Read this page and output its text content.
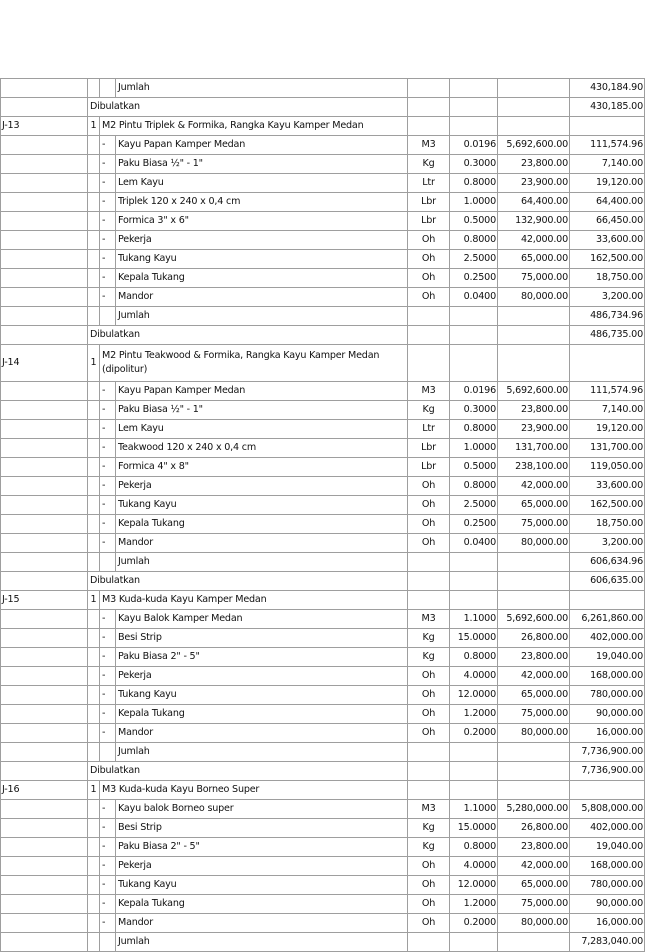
			Jumlah				430,184.90
	Dibulatkan						430,185.00
J-13	1	M2 Pintu Triplek & Formika, Rangka Kayu Kamper Medan					
		-	Kayu Papan Kamper Medan	M3	0.0196	5,692,600.00	111,574.96
		-	Paku Biasa ½" - 1"	Kg	0.3000	23,800.00	7,140.00
		-	Lem Kayu	Ltr	0.8000	23,900.00	19,120.00
		-	Triplek 120 x 240 x 0,4 cm	Lbr	1.0000	64,400.00	64,400.00
		-	Formica 3" x 6"	Lbr	0.5000	132,900.00	66,450.00
		-	Pekerja	Oh	0.8000	42,000.00	33,600.00
		-	Tukang Kayu	Oh	2.5000	65,000.00	162,500.00
		-	Kepala Tukang	Oh	0.2500	75,000.00	18,750.00
		-	Mandor	Oh	0.0400	80,000.00	3,200.00
			Jumlah				486,734.96
	Dibulatkan						486,735.00
J-14	1	M2 Pintu Teakwood & Formika, Rangka Kayu Kamper Medan (dipolitur)					
		-	Kayu Papan Kamper Medan	M3	0.0196	5,692,600.00	111,574.96
		-	Paku Biasa ½" - 1"	Kg	0.3000	23,800.00	7,140.00
		-	Lem Kayu	Ltr	0.8000	23,900.00	19,120.00
		-	Teakwood 120 x 240 x 0,4 cm	Lbr	1.0000	131,700.00	131,700.00
		-	Formica 4" x 8"	Lbr	0.5000	238,100.00	119,050.00
		-	Pekerja	Oh	0.8000	42,000.00	33,600.00
		-	Tukang Kayu	Oh	2.5000	65,000.00	162,500.00
		-	Kepala Tukang	Oh	0.2500	75,000.00	18,750.00
		-	Mandor	Oh	0.0400	80,000.00	3,200.00
			Jumlah				606,634.96
	Dibulatkan						606,635.00
J-15	1	M3 Kuda-kuda Kayu Kamper Medan					
		-	Kayu Balok Kamper Medan	M3	1.1000	5,692,600.00	6,261,860.00
		-	Besi Strip	Kg	15.0000	26,800.00	402,000.00
		-	Paku Biasa 2" - 5"	Kg	0.8000	23,800.00	19,040.00
		-	Pekerja	Oh	4.0000	42,000.00	168,000.00
		-	Tukang Kayu	Oh	12.0000	65,000.00	780,000.00
		-	Kepala Tukang	Oh	1.2000	75,000.00	90,000.00
		-	Mandor	Oh	0.2000	80,000.00	16,000.00
			Jumlah				7,736,900.00
	Dibulatkan						7,736,900.00
J-16	1	M3 Kuda-kuda Kayu Borneo Super					
		-	Kayu balok Borneo super	M3	1.1000	5,280,000.00	5,808,000.00
		-	Besi Strip	Kg	15.0000	26,800.00	402,000.00
		-	Paku Biasa 2" - 5"	Kg	0.8000	23,800.00	19,040.00
		-	Pekerja	Oh	4.0000	42,000.00	168,000.00
		-	Tukang Kayu	Oh	12.0000	65,000.00	780,000.00
		-	Kepala Tukang	Oh	1.2000	75,000.00	90,000.00
		-	Mandor	Oh	0.2000	80,000.00	16,000.00
			Jumlah				7,283,040.00
